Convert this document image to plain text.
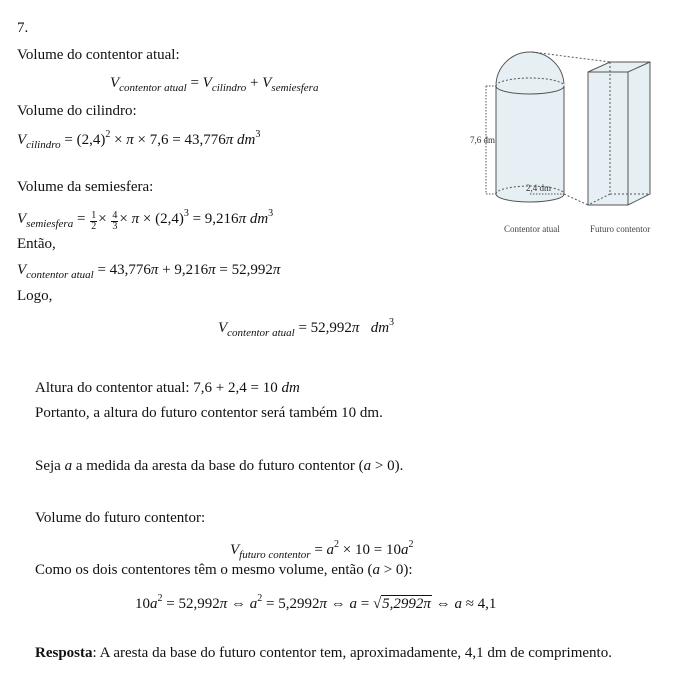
7.
Volume do contentor atual:
$V_{contentor atual} = V_{cilindro} + V_{semiesfera}$
Volume do cilindro:
$V_{cilindro} = (2,4)^2 \times \pi \times 7,6 = 43,776\pi$ $dm^3$
Volume da semiesfera:
$V_{semiesfera} = \frac{1}{2} \times \frac{4}{3} \times \pi \times (2,4)^3 = 9,216\pi$ $dm^3$
Então,
$V_{contentor atual} = 43,776\pi + 9,216\pi = 52,992\pi$
Logo,
$V_{contentor atual} = 52,992\pi$ $dm^3$
Altura do contentor atual: 7,6 + 2,4 = 10 dm
Portanto, a altura do futuro contentor será também 10 dm.
Seja a a medida da aresta da base do futuro contentor (a > 0).
Volume do futuro contentor:
$V_{futuro contentor} = a^2 \times 10 = 10a^2$
Como os dois contentores têm o mesmo volume, então (a > 0):
$10a^2 = 52,992\pi$ ⇔ $a^2 = 5,2992\pi$ ⇔ a = √5,2992π ⇔ a ≈ 4,1
Resposta: A aresta da base do futuro contentor tem, aproximadamente, 4,1 dm de comprimento.
7,6 dm
2,4 dm
Contentor atual	Futuro contentor
